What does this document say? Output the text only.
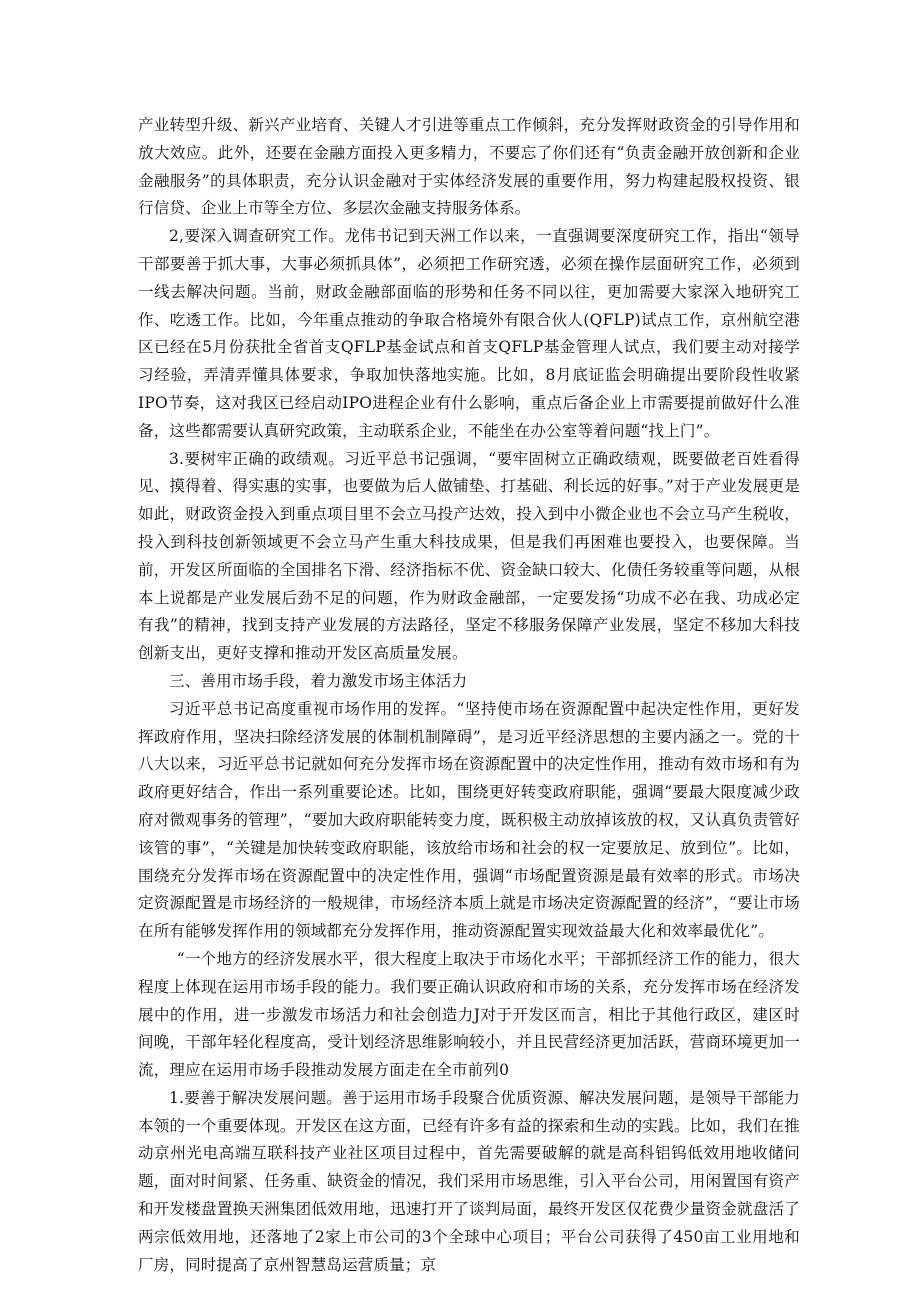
产业转型升级、新兴产业培育、关键人才引进等重点工作倾斜，充分发挥财政资金的引导作用和放大效应。此外，还要在金融方面投入更多精力，不要忘了你们还有“负责金融开放创新和企业金融服务”的具体职责，充分认识金融对于实体经济发展的重要作用，努力构建起股权投资、银行信贷、企业上市等全方位、多层次金融支持服务体系。

2,要深入调查研究工作。龙伟书记到天洲工作以来，一直强调要深度研究工作，指出“领导干部要善于抓大事，大事必须抓具体”，必须把工作研究透，必须在操作层面研究工作，必须到一线去解决问题。当前，财政金融部面临的形势和任务不同以往，更加需要大家深入地研究工作、吃透工作。比如，今年重点推动的争取合格境外有限合伙人(QFLP)试点工作，京州航空港区已经在5月份获批全省首支QFLP基金试点和首支QFLP基金管理人试点，我们要主动对接学习经验，弄清弄懂具体要求，争取加快落地实施。比如，8月底证监会明确提出要阶段性收紧IPO节奏，这对我区已经启动IPO进程企业有什么影响，重点后备企业上市需要提前做好什么准备，这些都需要认真研究政策，主动联系企业，不能坐在办公室等着问题“找上门”。

3.要树牢正确的政绩观。习近平总书记强调，“要牢固树立正确政绩观，既要做老百姓看得见、摸得着、得实惠的实事，也要做为后人做铺垫、打基础、利长远的好事。”对于产业发展更是如此，财政资金投入到重点项目里不会立马投产达效，投入到中小微企业也不会立马产生税收，投入到科技创新领域更不会立马产生重大科技成果，但是我们再困难也要投入，也要保障。当前，开发区所面临的全国排名下滑、经济指标不优、资金缺口较大、化债任务较重等问题，从根本上说都是产业发展后劲不足的问题，作为财政金融部，一定要发扬“功成不必在我、功成必定有我”的精神，找到支持产业发展的方法路径，坚定不移服务保障产业发展，坚定不移加大科技创新支出，更好支撑和推动开发区高质量发展。

三、善用市场手段，着力激发市场主体活力

习近平总书记高度重视市场作用的发挥。“坚持使市场在资源配置中起决定性作用，更好发挥政府作用，坚决扫除经济发展的体制机制障碍”，是习近平经济思想的主要内涵之一。党的十八大以来，习近平总书记就如何充分发挥市场在资源配置中的决定性作用，推动有效市场和有为政府更好结合，作出一系列重要论述。比如，围绕更好转变政府职能，强调“要最大限度减少政府对微观事务的管理”，“要加大政府职能转变力度，既积极主动放掉该放的权，又认真负责管好该管的事”，“关键是加快转变政府职能，该放给市场和社会的权一定要放足、放到位”。比如，围绕充分发挥市场在资源配置中的决定性作用，强调“市场配置资源是最有效率的形式。市场决定资源配置是市场经济的一般规律，市场经济本质上就是市场决定资源配置的经济”，“要让市场在所有能够发挥作用的领域都充分发挥作用，推动资源配置实现效益最大化和效率最优化”。

“一个地方的经济发展水平，很大程度上取决于市场化水平；干部抓经济工作的能力，很大程度上体现在运用市场手段的能力。我们要正确认识政府和市场的关系，充分发挥市场在经济发展中的作用，进一步激发市场活力和社会创造力J对于开发区而言，相比于其他行政区，建区时间晚，干部年轻化程度高，受计划经济思维影响较小，并且民营经济更加活跃，营商环境更加一流，理应在运用市场手段推动发展方面走在全市前列0

1.要善于解决发展问题。善于运用市场手段聚合优质资源、解决发展问题，是领导干部能力本领的一个重要体现。开发区在这方面，已经有许多有益的探索和生动的实践。比如，我们在推动京州光电高端互联科技产业社区项目过程中，首先需要破解的就是高科铝钨低效用地收储问题，面对时间紧、任务重、缺资金的情况，我们采用市场思维，引入平台公司，用闲置国有资产和开发楼盘置换天洲集团低效用地，迅速打开了谈判局面，最终开发区仅花费少量资金就盘活了两宗低效用地，还落地了2家上市公司的3个全球中心项目；平台公司获得了450亩工业用地和厂房，同时提高了京州智慧岛运营质量；京
